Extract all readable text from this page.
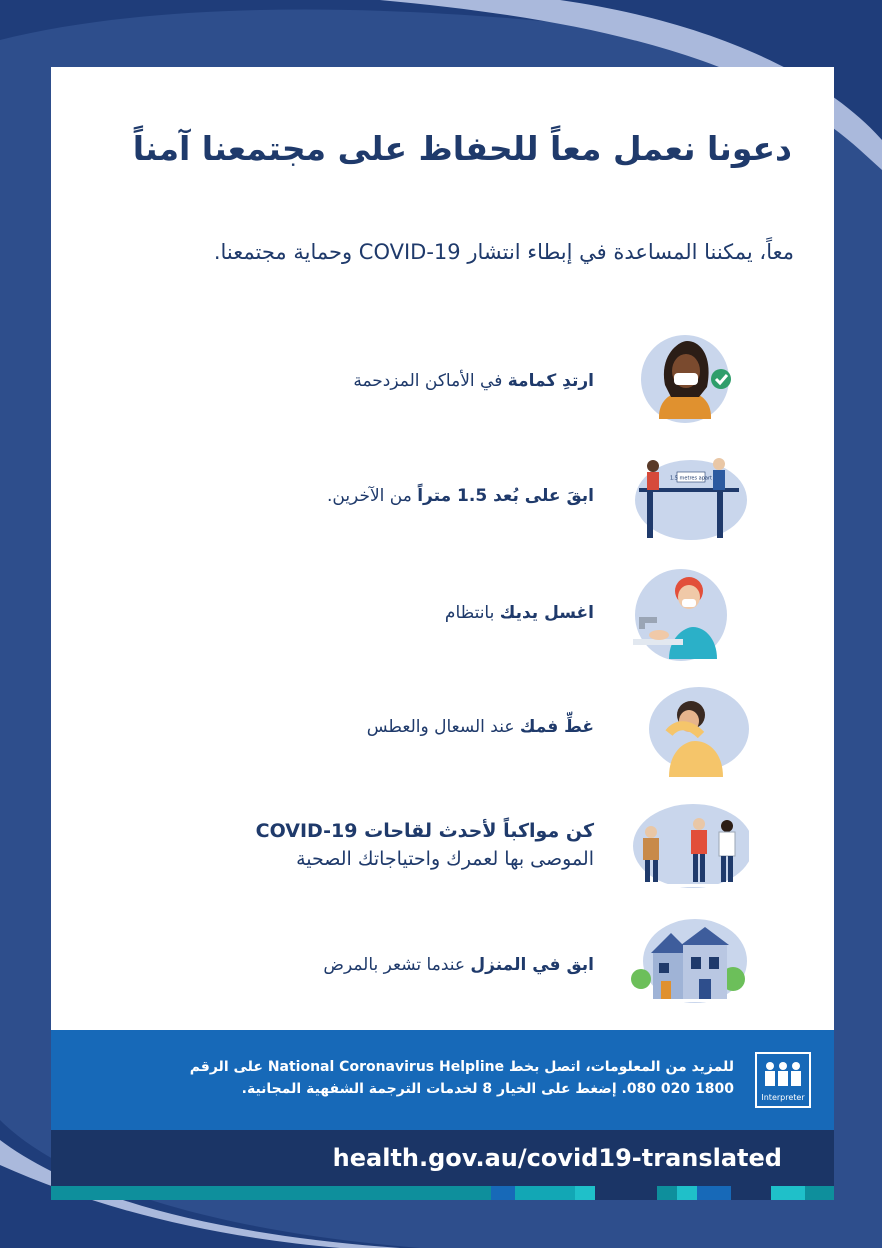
دعونا نعمل معاً للحفاظ على مجتمعنا آمناً
معاً، يمكننا المساعدة في إبطاء انتشار COVID-19 وحماية مجتمعنا.
ارتدِ كمامة في الأماكن المزدحمة
ابقَ على بُعد 1.5 متراً من الآخرين.
1.5 metres apart
اغسل يديك بانتظام
غطِّ فمك عند السعال والعطس
كن مواكباً لأحدث لقاحات COVID-19
الموصى بها لعمرك واحتياجاتك الصحية
ابق في المنزل عندما تشعر بالمرض
للمزيد من المعلومات، اتصل بخط National Coronavirus Helpline على الرقم
1800 020 080. إضغط على الخيار 8 لخدمات الترجمة الشفهية المجانية.
Interpreter
health.gov.au/covid19-translated
